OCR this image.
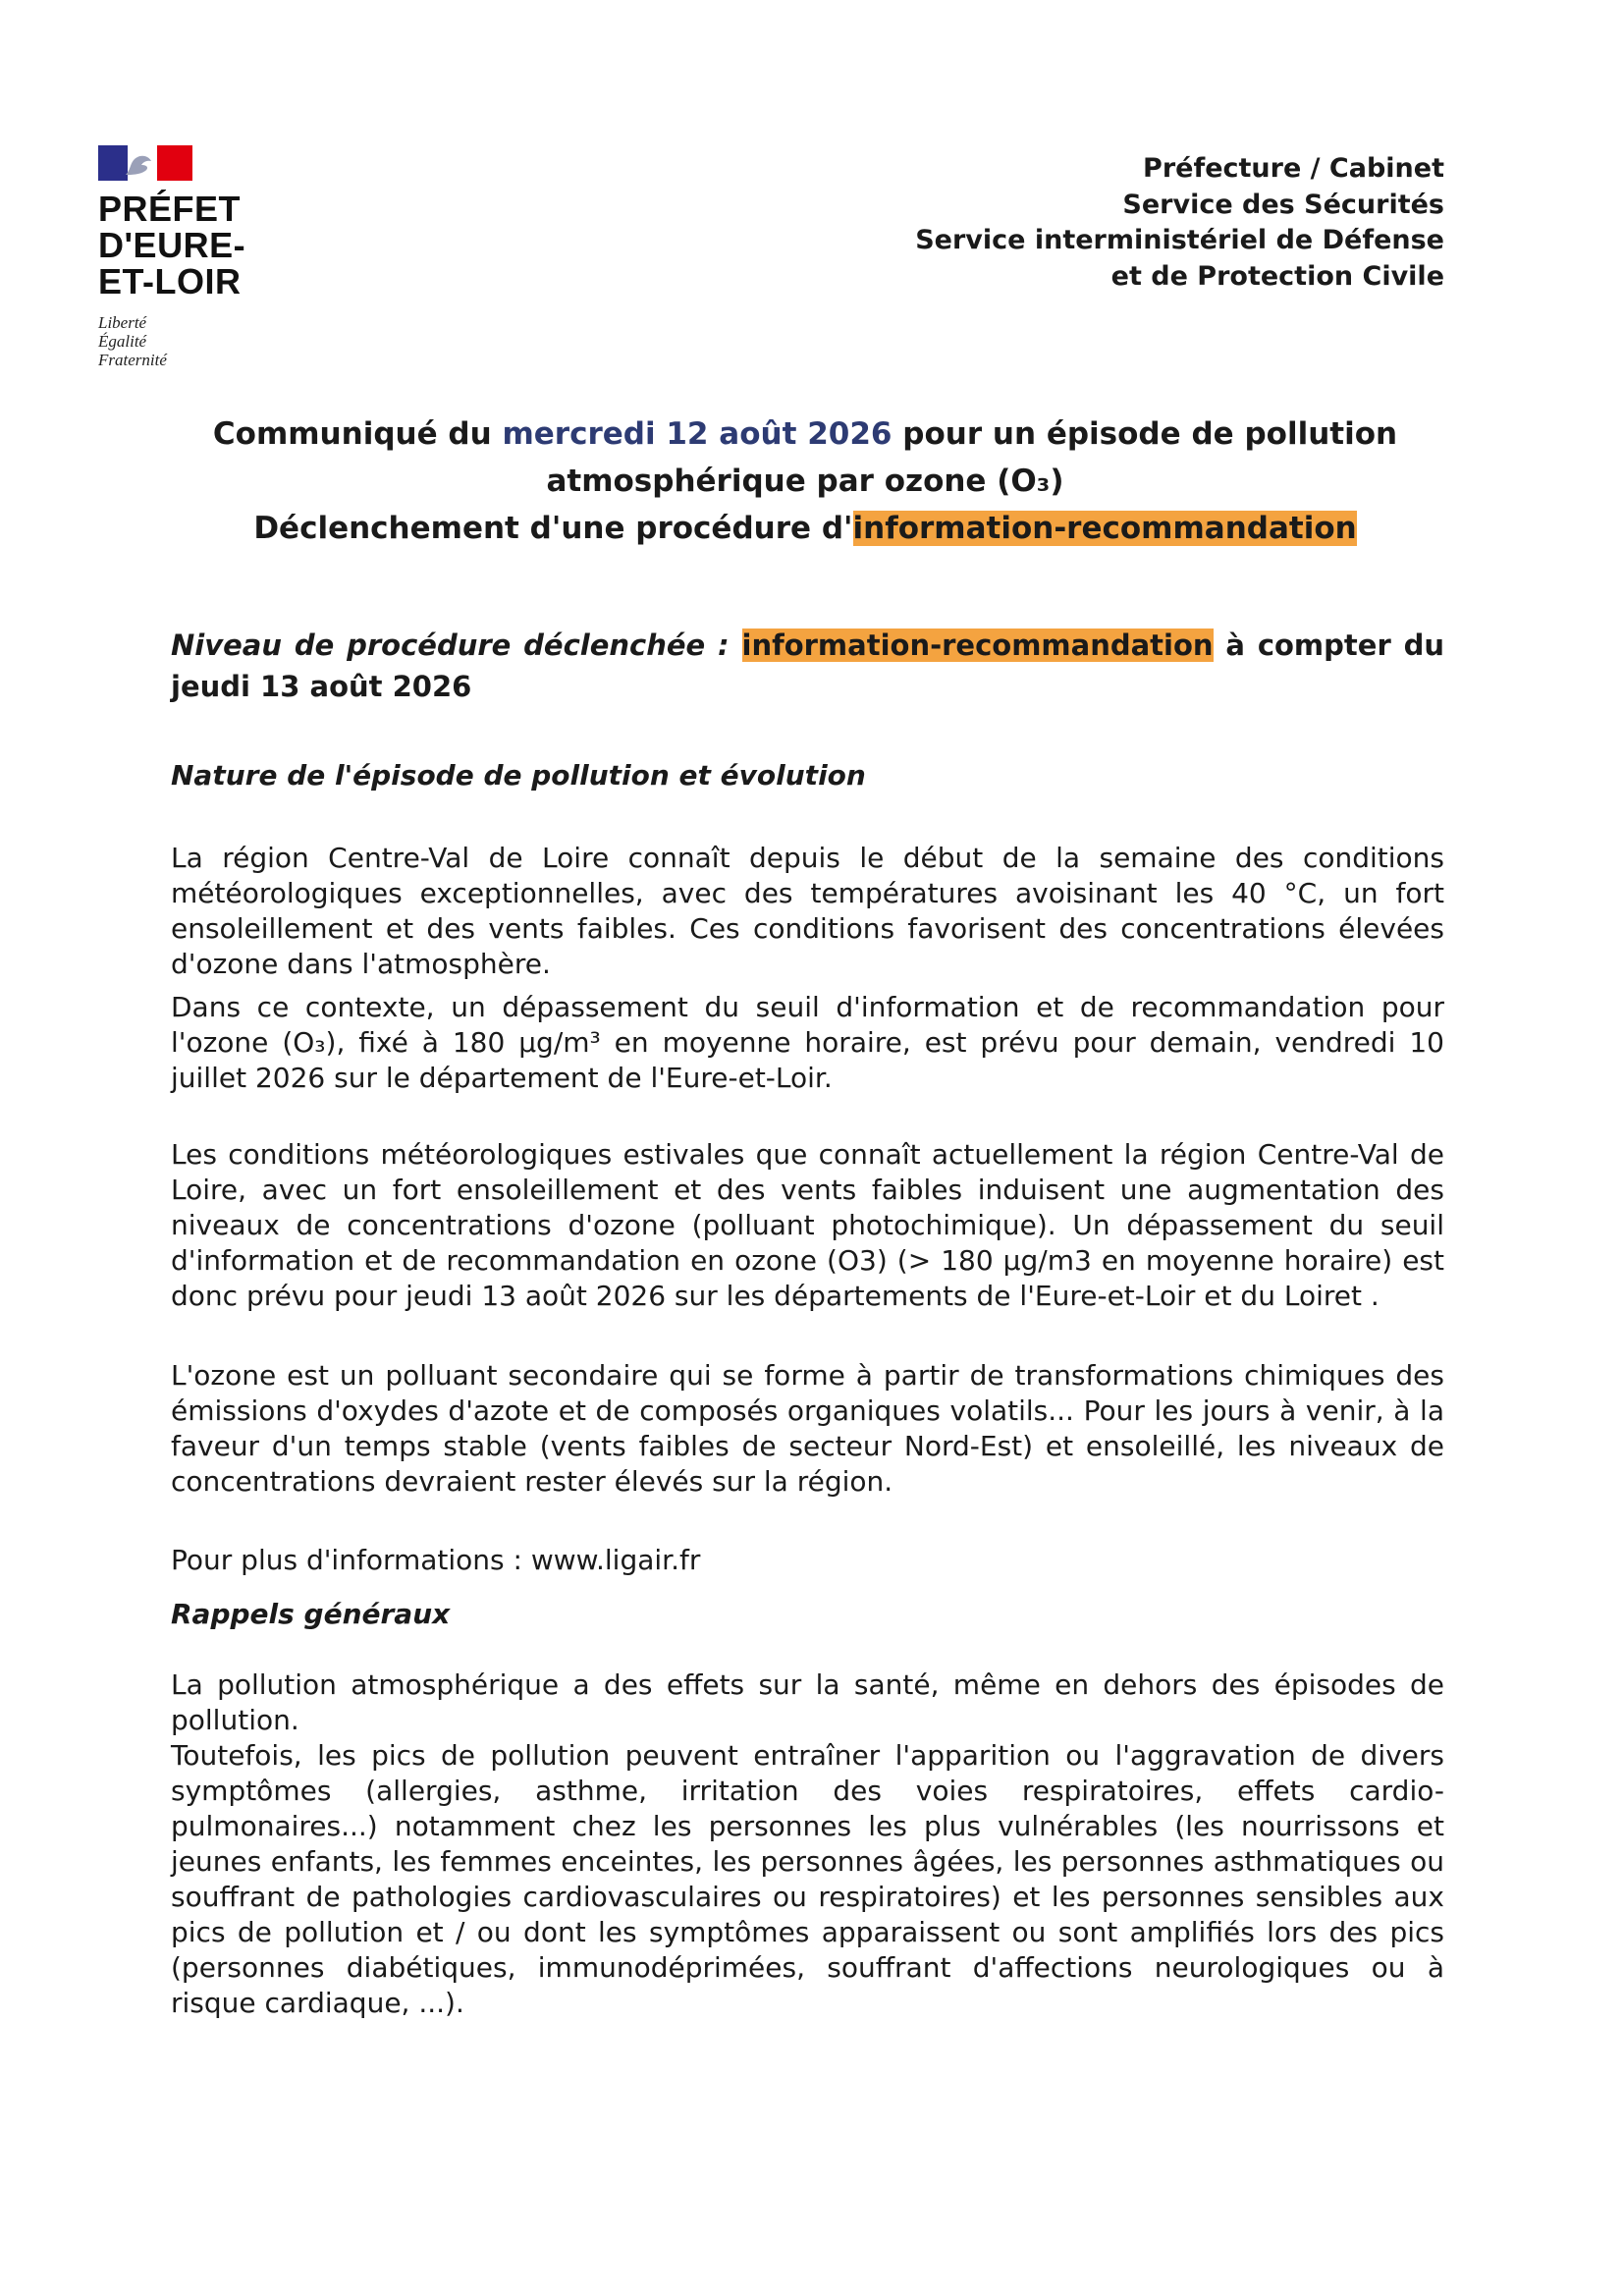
PRÉFET
D'EURE-
ET-LOIR
Liberté
Égalité
Fraternité
Préfecture / Cabinet
Service des Sécurités
Service interministériel de Défense
et de Protection Civile
Communiqué du mercredi 12 août 2026 pour un épisode de pollution
atmosphérique par ozone (O₃)
Déclenchement d'une procédure d'information-recommandation
Niveau de procédure déclenchée : information-recommandation à compter du jeudi 13 août 2026
Nature de l'épisode de pollution et évolution

La région Centre-Val de Loire connaît depuis le début de la semaine des conditions météorologiques exceptionnelles, avec des températures avoisinant les 40 °C, un fort ensoleillement et des vents faibles. Ces conditions favorisent des concentrations élevées d'ozone dans l'atmosphère.

Dans ce contexte, un dépassement du seuil d'information et de recommandation pour l'ozone (O₃), fixé à 180 µg/m³ en moyenne horaire, est prévu pour demain, vendredi 10 juillet 2026 sur le département de l'Eure-et-Loir.

Les conditions météorologiques estivales que connaît actuellement la région Centre-Val de Loire, avec un fort ensoleillement et des vents faibles induisent une augmentation des niveaux de concentrations d'ozone (polluant photochimique). Un dépassement du seuil d'information et de recommandation en ozone (O3) (> 180 µg/m3 en moyenne horaire) est donc prévu pour jeudi 13 août 2026 sur les départements de l'Eure-et-Loir et du Loiret .

L'ozone est un polluant secondaire qui se forme à partir de transformations chimiques des émissions d'oxydes d'azote et de composés organiques volatils... Pour les jours à venir, à la faveur d'un temps stable (vents faibles de secteur Nord-Est) et ensoleillé, les niveaux de concentrations devraient rester élevés sur la région.

Pour plus d'informations : www.ligair.fr

Rappels généraux

La pollution atmosphérique a des effets sur la santé, même en dehors des épisodes de pollution.

Toutefois, les pics de pollution peuvent entraîner l'apparition ou l'aggravation de divers symptômes (allergies, asthme, irritation des voies respiratoires, effets cardio-pulmonaires...) notamment chez les personnes les plus vulnérables (les nourrissons et jeunes enfants, les femmes enceintes, les personnes âgées, les personnes asthmatiques ou souffrant de pathologies cardiovasculaires ou respiratoires) et les personnes sensibles aux pics de pollution et / ou dont les symptômes apparaissent ou sont amplifiés lors des pics (personnes diabétiques, immunodéprimées, souffrant d'affections neurologiques ou à risque cardiaque, ...).
